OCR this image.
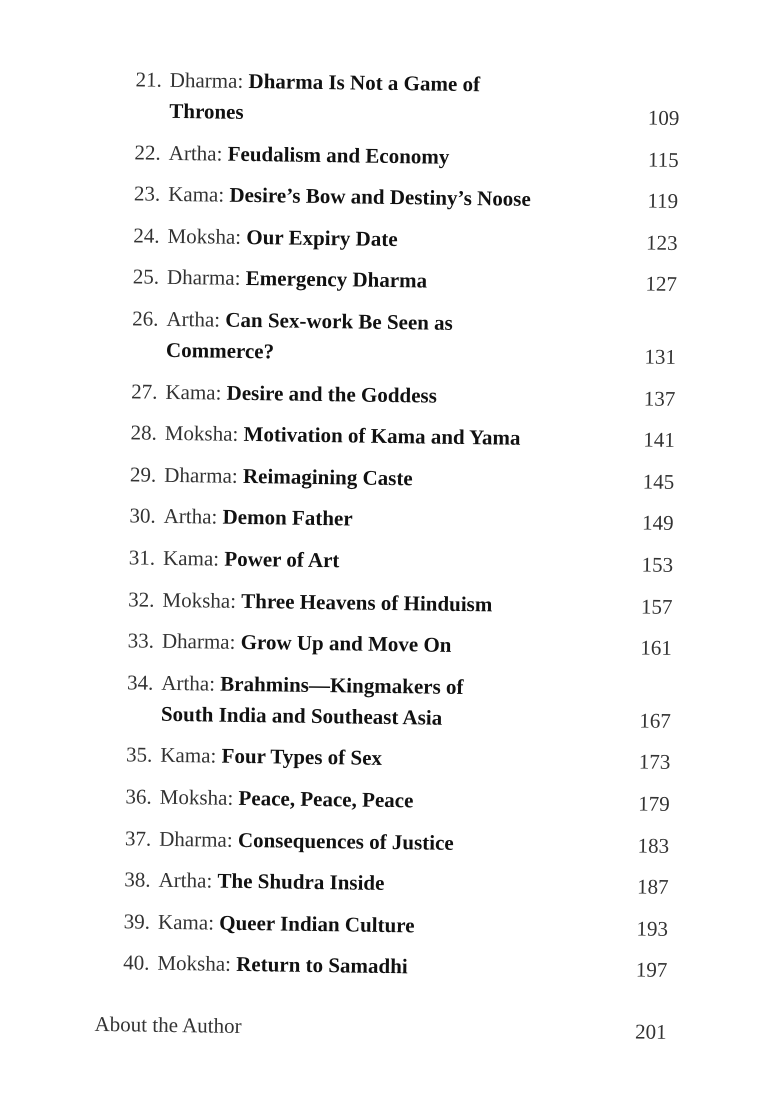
21. Dharma: Dharma Is Not a Game of Thrones	109
22. Artha: Feudalism and Economy	115
23. Kama: Desire’s Bow and Destiny’s Noose	119
24. Moksha: Our Expiry Date	123
25. Dharma: Emergency Dharma	127
26. Artha: Can Sex-work Be Seen as Commerce?	131
27. Kama: Desire and the Goddess	137
28. Moksha: Motivation of Kama and Yama	141
29. Dharma: Reimagining Caste	145
30. Artha: Demon Father	149
31. Kama: Power of Art	153
32. Moksha: Three Heavens of Hinduism	157
33. Dharma: Grow Up and Move On	161
34. Artha: Brahmins—Kingmakers of South India and Southeast Asia	167
35. Kama: Four Types of Sex	173
36. Moksha: Peace, Peace, Peace	179
37. Dharma: Consequences of Justice	183
38. Artha: The Shudra Inside	187
39. Kama: Queer Indian Culture	193
40. Moksha: Return to Samadhi	197
About the Author	201
